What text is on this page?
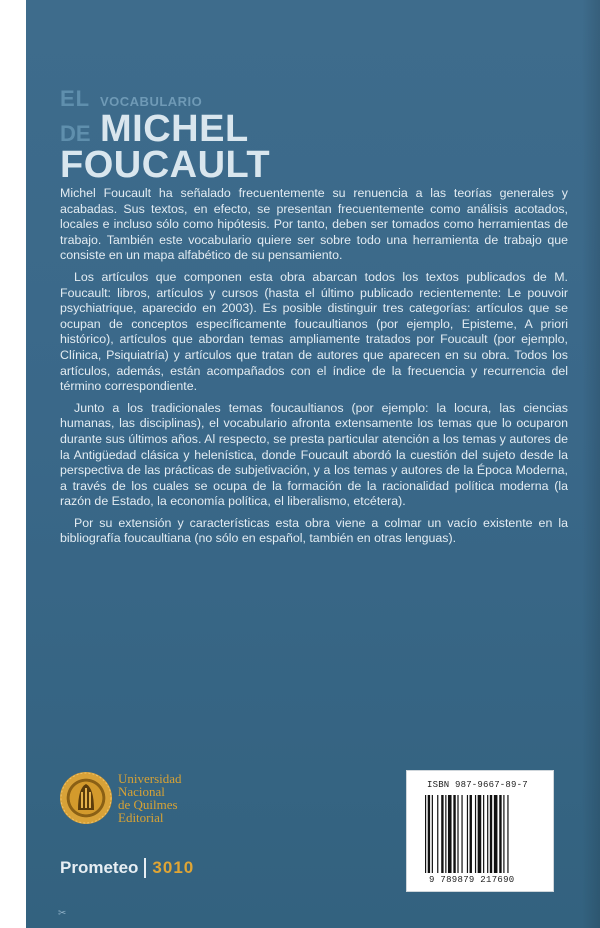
EL VOCABULARIO
DE MICHEL
FOUCAULT

Michel Foucault ha señalado frecuentemente su renuencia a las teorías generales y acabadas. Sus textos, en efecto, se presentan frecuentemente como análisis acotados, locales e incluso sólo como hipótesis. Por tanto, deben ser tomados como herramientas de trabajo. También este vocabulario quiere ser sobre todo una herramienta de trabajo que consiste en un mapa alfabético de su pensamiento.

Los artículos que componen esta obra abarcan todos los textos publicados de M. Foucault: libros, artículos y cursos (hasta el último publicado recientemente: Le pouvoir psychiatrique, aparecido en 2003). Es posible distinguir tres categorías: artículos que se ocupan de conceptos específicamente foucaultianos (por ejemplo, Episteme, A priori histórico), artículos que abordan temas ampliamente tratados por Foucault (por ejemplo, Clínica, Psiquiatría) y artículos que tratan de autores que aparecen en su obra. Todos los artículos, además, están acompañados con el índice de la frecuencia y recurrencia del término correspondiente.

Junto a los tradicionales temas foucaultianos (por ejemplo: la locura, las ciencias humanas, las disciplinas), el vocabulario afronta extensamente los temas que lo ocuparon durante sus últimos años. Al respecto, se presta particular atención a los temas y autores de la Antigüedad clásica y helenística, donde Foucault abordó la cuestión del sujeto desde la perspectiva de las prácticas de subjetivación, y a los temas y autores de la Época Moderna, a través de los cuales se ocupa de la formación de la racionalidad política moderna (la razón de Estado, la economía política, el liberalismo, etcétera).

Por su extensión y características esta obra viene a colmar un vacío existente en la bibliografía foucaultiana (no sólo en español, también en otras lenguas).

Universidad
Nacional
de Quilmes
Editorial
Prometeo 3010
ISBN 987-9667-89-7
9 789879 217690
✂
